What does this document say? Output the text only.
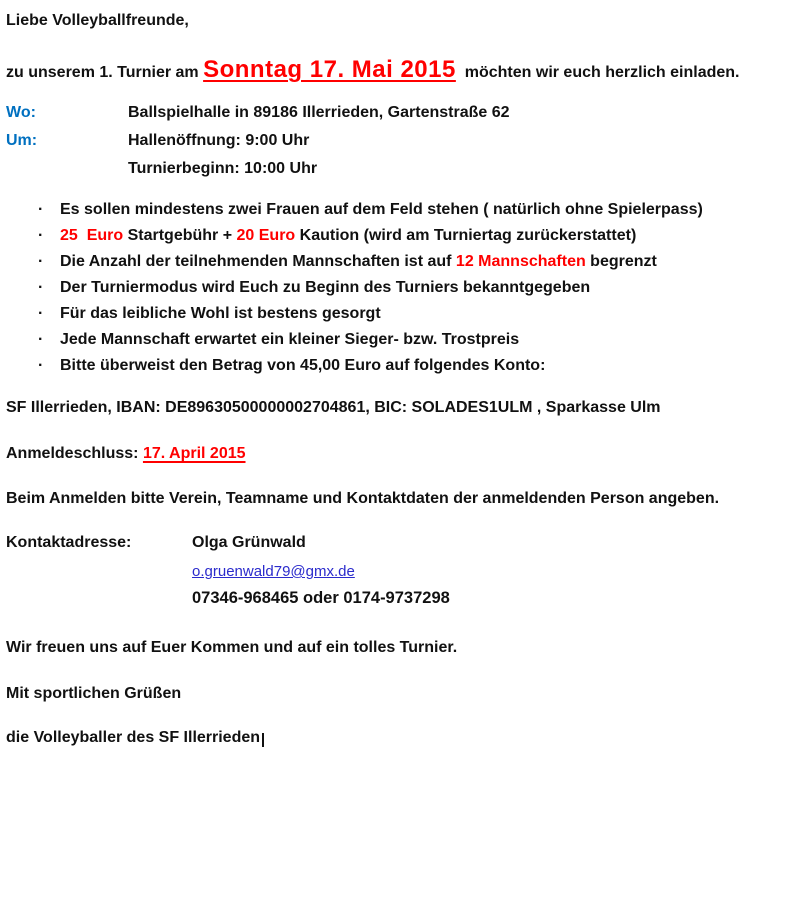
Liebe Volleyballfreunde,

zu unserem 1. Turnier am Sonntag 17. Mai 2015  möchten wir euch herzlich einladen.

Wo:	Ballspielhalle in 89186 Illerrieden, Gartenstraße 62
Um:	Hallenöffnung: 9:00 Uhr
Turnierbeginn: 10:00 Uhr
· Es sollen mindestens zwei Frauen auf dem Feld stehen ( natürlich ohne Spielerpass)
· 25  Euro Startgebühr + 20 Euro Kaution (wird am Turniertag zurückerstattet)
· Die Anzahl der teilnehmenden Mannschaften ist auf 12 Mannschaften begrenzt
· Der Turniermodus wird Euch zu Beginn des Turniers bekanntgegeben
· Für das leibliche Wohl ist bestens gesorgt
· Jede Mannschaft erwartet ein kleiner Sieger- bzw. Trostpreis
· Bitte überweist den Betrag von 45,00 Euro auf folgendes Konto:

SF Illerrieden, IBAN: DE89630500000002704861, BIC: SOLADES1ULM , Sparkasse Ulm

Anmeldeschluss: 17. April 2015

Beim Anmelden bitte Verein, Teamname und Kontaktdaten der anmeldenden Person angeben.

Kontaktadresse:	Olga Grünwald
o.gruenwald79@gmx.de
07346-968465 oder 0174-9737298

Wir freuen uns auf Euer Kommen und auf ein tolles Turnier.

Mit sportlichen Grüßen

die Volleyballer des SF Illerrieden
